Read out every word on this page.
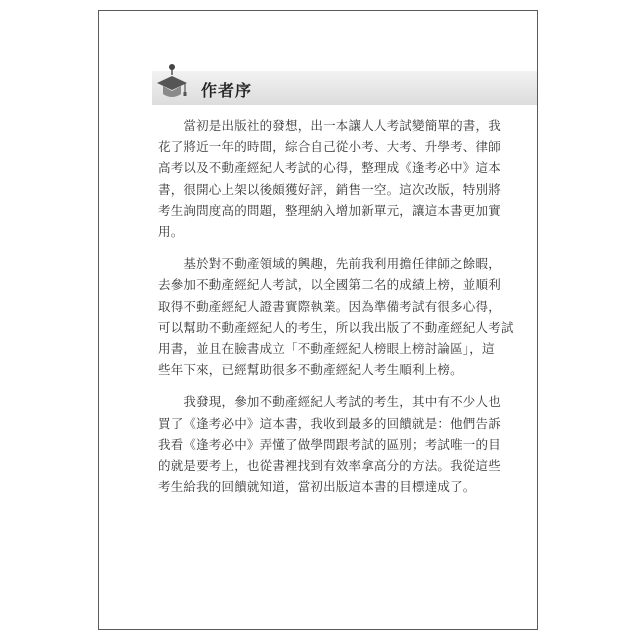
作者序

　　當初是出版社的發想，出一本讓人人考試變簡單的書，我
花了將近一年的時間，綜合自己從小考、大考、升學考、律師
高考以及不動產經紀人考試的心得，整理成《逢考必中》這本
書，很開心上架以後頗獲好評，銷售一空。這次改版，特別將
考生詢問度高的問題，整理納入增加新單元，讓這本書更加實
用。

　　基於對不動產領域的興趣，先前我利用擔任律師之餘暇，
去參加不動產經紀人考試，以全國第二名的成績上榜，並順利
取得不動產經紀人證書實際執業。因為準備考試有很多心得，
可以幫助不動產經紀人的考生，所以我出版了不動產經紀人考試
用書，並且在臉書成立「不動產經紀人榜眼上榜討論區」，這
些年下來，已經幫助很多不動產經紀人考生順利上榜。

　　我發現，參加不動產經紀人考試的考生，其中有不少人也
買了《逢考必中》這本書，我收到最多的回饋就是：他們告訴
我看《逢考必中》弄懂了做學問跟考試的區別；考試唯一的目
的就是要考上，也從書裡找到有效率拿高分的方法。我從這些
考生給我的回饋就知道，當初出版這本書的目標達成了。
